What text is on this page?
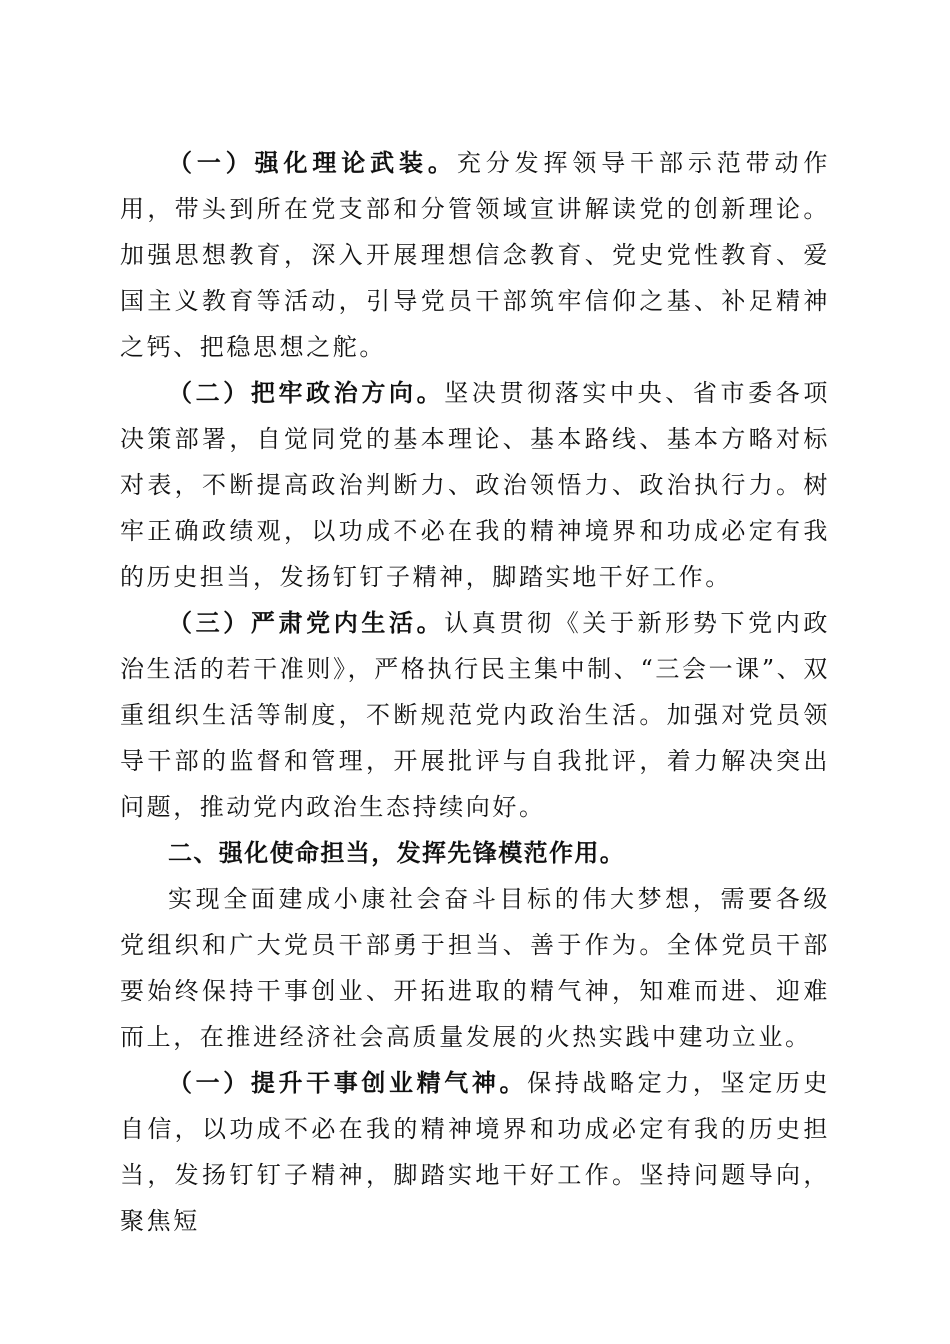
（一）强化理论武装。充分发挥领导干部示范带动作用，带头到所在党支部和分管领域宣讲解读党的创新理论。加强思想教育，深入开展理想信念教育、党史党性教育、爱国主义教育等活动，引导党员干部筑牢信仰之基、补足精神之钙、把稳思想之舵。

（二）把牢政治方向。坚决贯彻落实中央、省市委各项决策部署，自觉同党的基本理论、基本路线、基本方略对标对表，不断提高政治判断力、政治领悟力、政治执行力。树牢正确政绩观，以功成不必在我的精神境界和功成必定有我的历史担当，发扬钉钉子精神，脚踏实地干好工作。

（三）严肃党内生活。认真贯彻《关于新形势下党内政治生活的若干准则》，严格执行民主集中制、“三会一课”、双重组织生活等制度，不断规范党内政治生活。加强对党员领导干部的监督和管理，开展批评与自我批评，着力解决突出问题，推动党内政治生态持续向好。

二、强化使命担当，发挥先锋模范作用。

实现全面建成小康社会奋斗目标的伟大梦想，需要各级党组织和广大党员干部勇于担当、善于作为。全体党员干部要始终保持干事创业、开拓进取的精气神，知难而进、迎难而上，在推进经济社会高质量发展的火热实践中建功立业。

（一）提升干事创业精气神。保持战略定力，坚定历史自信，以功成不必在我的精神境界和功成必定有我的历史担当，发扬钉钉子精神，脚踏实地干好工作。坚持问题导向，聚焦短
